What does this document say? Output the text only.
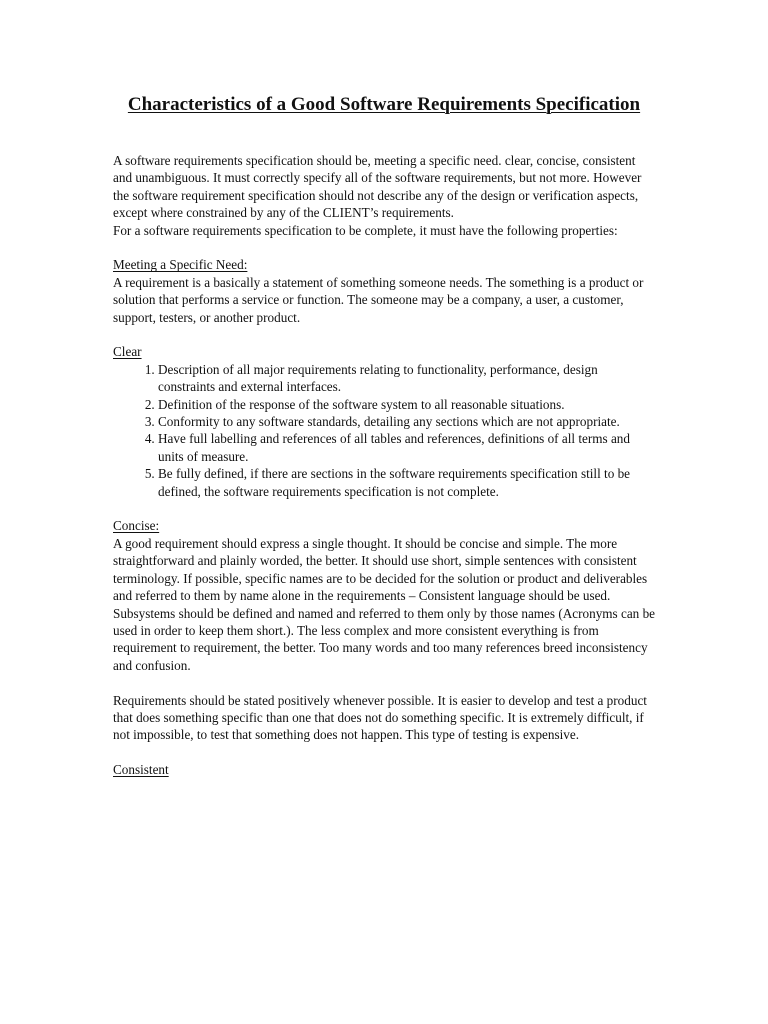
Characteristics of a Good Software Requirements Specification

A software requirements specification should be, meeting a specific need. clear, concise, consistent and unambiguous. It must correctly specify all of the software requirements, but not more. However the software requirement specification should not describe any of the design or verification aspects, except where constrained by any of the CLIENT’s requirements.

For a software requirements specification to be complete, it must have the following properties:

Meeting a Specific Need:

A requirement is a basically a statement of something someone needs. The something is a product or solution that performs a service or function. The someone may be a company, a user, a customer, support, testers, or another product.

Clear

1. Description of all major requirements relating to functionality, performance, design constraints and external interfaces.
2. Definition of the response of the software system to all reasonable situations.
3. Conformity to any software standards, detailing any sections which are not appropriate.
4. Have full labelling and references of all tables and references, definitions of all terms and units of measure.
5. Be fully defined, if there are sections in the software requirements specification still to be defined, the software requirements specification is not complete.

Concise:

A good requirement should express a single thought. It should be concise and simple. The more straightforward and plainly worded, the better. It should use short, simple sentences with consistent terminology. If possible, specific names are to be decided for the solution or product and deliverables and referred to them by name alone in the requirements – Consistent language should be used. Subsystems should be defined and named and referred to them only by those names (Acronyms can be used in order to keep them short.). The less complex and more consistent everything is from requirement to requirement, the better. Too many words and too many references breed inconsistency and confusion.

Requirements should be stated positively whenever possible. It is easier to develop and test a product that does something specific than one that does not do something specific. It is extremely difficult, if not impossible, to test that something does not happen. This type of testing is expensive.

Consistent
